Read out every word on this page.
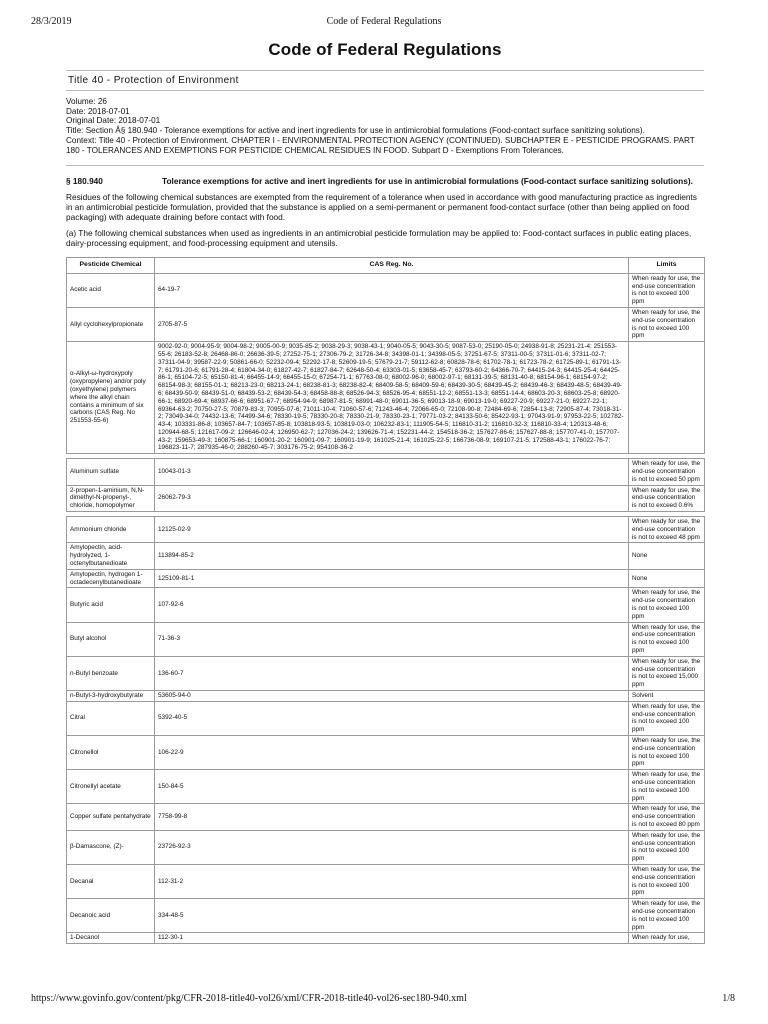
28/3/2019	Code of Federal Regulations
Code of Federal Regulations
Title 40 - Protection of Environment
Volume: 26
Date: 2018-07-01
Original Date: 2018-07-01
Title: Section Â§ 180.940 - Tolerance exemptions for active and inert ingredients for use in antimicrobial formulations (Food-contact surface sanitizing solutions).
Context: Title 40 - Protection of Environment. CHAPTER I - ENVIRONMENTAL PROTECTION AGENCY (CONTINUED). SUBCHAPTER E - PESTICIDE PROGRAMS. PART 180 - TOLERANCES AND EXEMPTIONS FOR PESTICIDE CHEMICAL RESIDUES IN FOOD. Subpart D - Exemptions From Tolerances.
§ 180.940	Tolerance exemptions for active and inert ingredients for use in antimicrobial formulations (Food-contact surface sanitizing solutions).
Residues of the following chemical substances are exempted from the requirement of a tolerance when used in accordance with good manufacturing practice as ingredients in an antimicrobial pesticide formulation, provided that the substance is applied on a semi-permanent or permanent food-contact surface (other than being applied on food packaging) with adequate draining before contact with food.
(a) The following chemical substances when used as ingredients in an antimicrobial pesticide formulation may be applied to: Food-contact surfaces in public eating places, dairy-processing equipment, and food-processing equipment and utensils.
Pesticide Chemical	CAS Reg. No.	Limits
Acetic acid	64-19-7	When ready for use, the end-use concentration is not to exceed 100 ppm
Allyl cyclohexylpropionate	2705-87-5	When ready for use, the end-use concentration is not to exceed 100 ppm
α-Alkyl-ω-hydroxypoly (oxypropylene) and/or poly (oxyethylene) polymers where the alkyl chain contains a minimum of six carbons (CAS Reg. No 251553-55-6)	9002-92-0; 9004-95-9; 9004-98-2; 9005-00-9; 9035-85-2; 9038-29-3; 9038-43-1; 9040-05-5; 9043-30-5; 9087-53-0; 25190-05-0; 24938-91-8; 25231-21-4; 251553-55-6; 26183-52-8; 26468-86-0; 26636-39-5; 27252-75-1; 27306-79-2; 31726-34-8; 34398-01-1; 34398-05-5; 37251-67-5; 37311-00-5; 37311-01-6; 37311-02-7; 37311-04-9; 39587-22-9; 50861-66-0; 52232-09-4; 52292-17-8; 52609-19-5; 57679-21-7; 59112-62-8; 60828-78-6; 61702-78-1; 61723-78-2; 61725-89-1; 61791-13-7; 61791-20-6; 61791-28-4; 61804-34-0; 61827-42-7; 61827-84-7; 62648-50-4; 63303-01-5; 63658-45-7; 63793-60-2; 64366-70-7; 64415-24-3; 64415-25-4; 64425-86-1; 65104-72-5; 65150-81-4; 66455-14-9; 66455-15-0; 67254-71-1; 67763-08-0; 68002-96-0; 68002-97-1; 68131-39-5; 68131-40-8; 68154-96-1; 68154-97-2; 68154-98-3; 68155-01-1; 68213-23-0; 68213-24-1; 68238-81-3; 68238-82-4; 68409-58-5; 68409-59-6; 68439-30-5; 68439-45-2; 68439-46-3; 68439-48-5; 68439-49-6; 68439-50-9; 68439-51-0; 68439-53-2; 68439-54-3; 68458-88-8; 68526-94-3; 68526-95-4; 68551-12-2; 68551-13-3; 68551-14-4; 68603-20-3; 68603-25-8; 68920-66-1; 68920-69-4; 68937-66-6; 68951-67-7; 68954-94-9; 68987-81-5; 68991-48-0; 69011-36-5; 69013-18-9; 69013-19-0; 69227-20-9; 69227-21-0; 69227-22-1; 69364-63-2; 70750-27-5; 70879-83-3; 70955-07-6; 71011-10-4; 71060-57-6; 71243-46-4; 72066-65-0; 72108-90-8; 72484-69-6; 72854-13-8; 72905-87-4; 73018-31-2; 73049-34-0; 74432-13-6; 74499-34-6; 78330-19-5; 78330-20-8; 78330-21-9; 78330-23-1; 79771-03-2; 84133-50-6; 85422-93-1; 97043-91-9; 97953-22-5; 102782-43-4; 103331-86-8; 103657-84-7; 103657-85-8; 103818-93-5; 103819-03-0; 106232-83-1; 111905-54-5; 116810-31-2; 116810-32-3; 116810-33-4; 120313-48-6; 120944-68-5; 121617-09-2; 126646-02-4; 126950-62-7; 127036-24-2; 139626-71-4; 152231-44-2; 154518-36-2; 157627-86-6; 157627-88-8; 157707-41-0; 157707-43-2; 159653-49-3; 160875-66-1; 160901-20-2; 160901-09-7; 160901-19-9; 161025-21-4; 161025-22-5; 166736-08-9; 169107-21-5; 172588-43-1; 176022-76-7; 196823-11-7; 287935-46-0; 288260-45-7; 303176-75-2; 954108-36-2	

Aluminum sulfate	10043-01-3	When ready for use, the end-use concentration is not to exceed 50 ppm
2-propen-1-aminium, N,N-dimethyl-N-propenyl-, chloride, homopolymer	26062-79-3	When ready for use, the end-use concentration is not to exceed 0.6%

Ammonium chloride	12125-02-9	When ready for use, the end-use concentration is not to exceed 48 ppm
Amylopectin, acid-hydrolyzed, 1-octenylbutanedioate	113894-85-2	None
Amylopectin, hydrogen 1-octadecenylbutanedioate	125109-81-1	None
Butyric acid	107-92-6	When ready for use, the end-use concentration is not to exceed 100 ppm
Butyl alcohol	71-36-3	When ready for use, the end-use concentration is not to exceed 100 ppm
n-Butyl benzoate	136-60-7	When ready for use, the end-use concentration is not to exceed 15,000 ppm
n-Butyl-3-hydroxybutyrate	53605-94-0	Solvent
Citral	5392-40-5	When ready for use, the end-use concentration is not to exceed 100 ppm
Citronellol	106-22-9	When ready for use, the end-use concentration is not to exceed 100 ppm
Citronellyl acetate	150-84-5	When ready for use, the end-use concentration is not to exceed 100 ppm
Copper sulfate pentahydrate	7758-99-8	When ready for use, the end-use concentration is not to exceed 80 ppm
β-Damascone, (Z)-	23726-92-3	When ready for use, the end-use concentration is not to exceed 100 ppm
Decanal	112-31-2	When ready for use, the end-use concentration is not to exceed 100 ppm
Decanoic acid	334-48-5	When ready for use, the end-use concentration is not to exceed 100 ppm
1-Decanol	112-30-1	When ready for use,
https://www.govinfo.gov/content/pkg/CFR-2018-title40-vol26/xml/CFR-2018-title40-vol26-sec180-940.xml	1/8
